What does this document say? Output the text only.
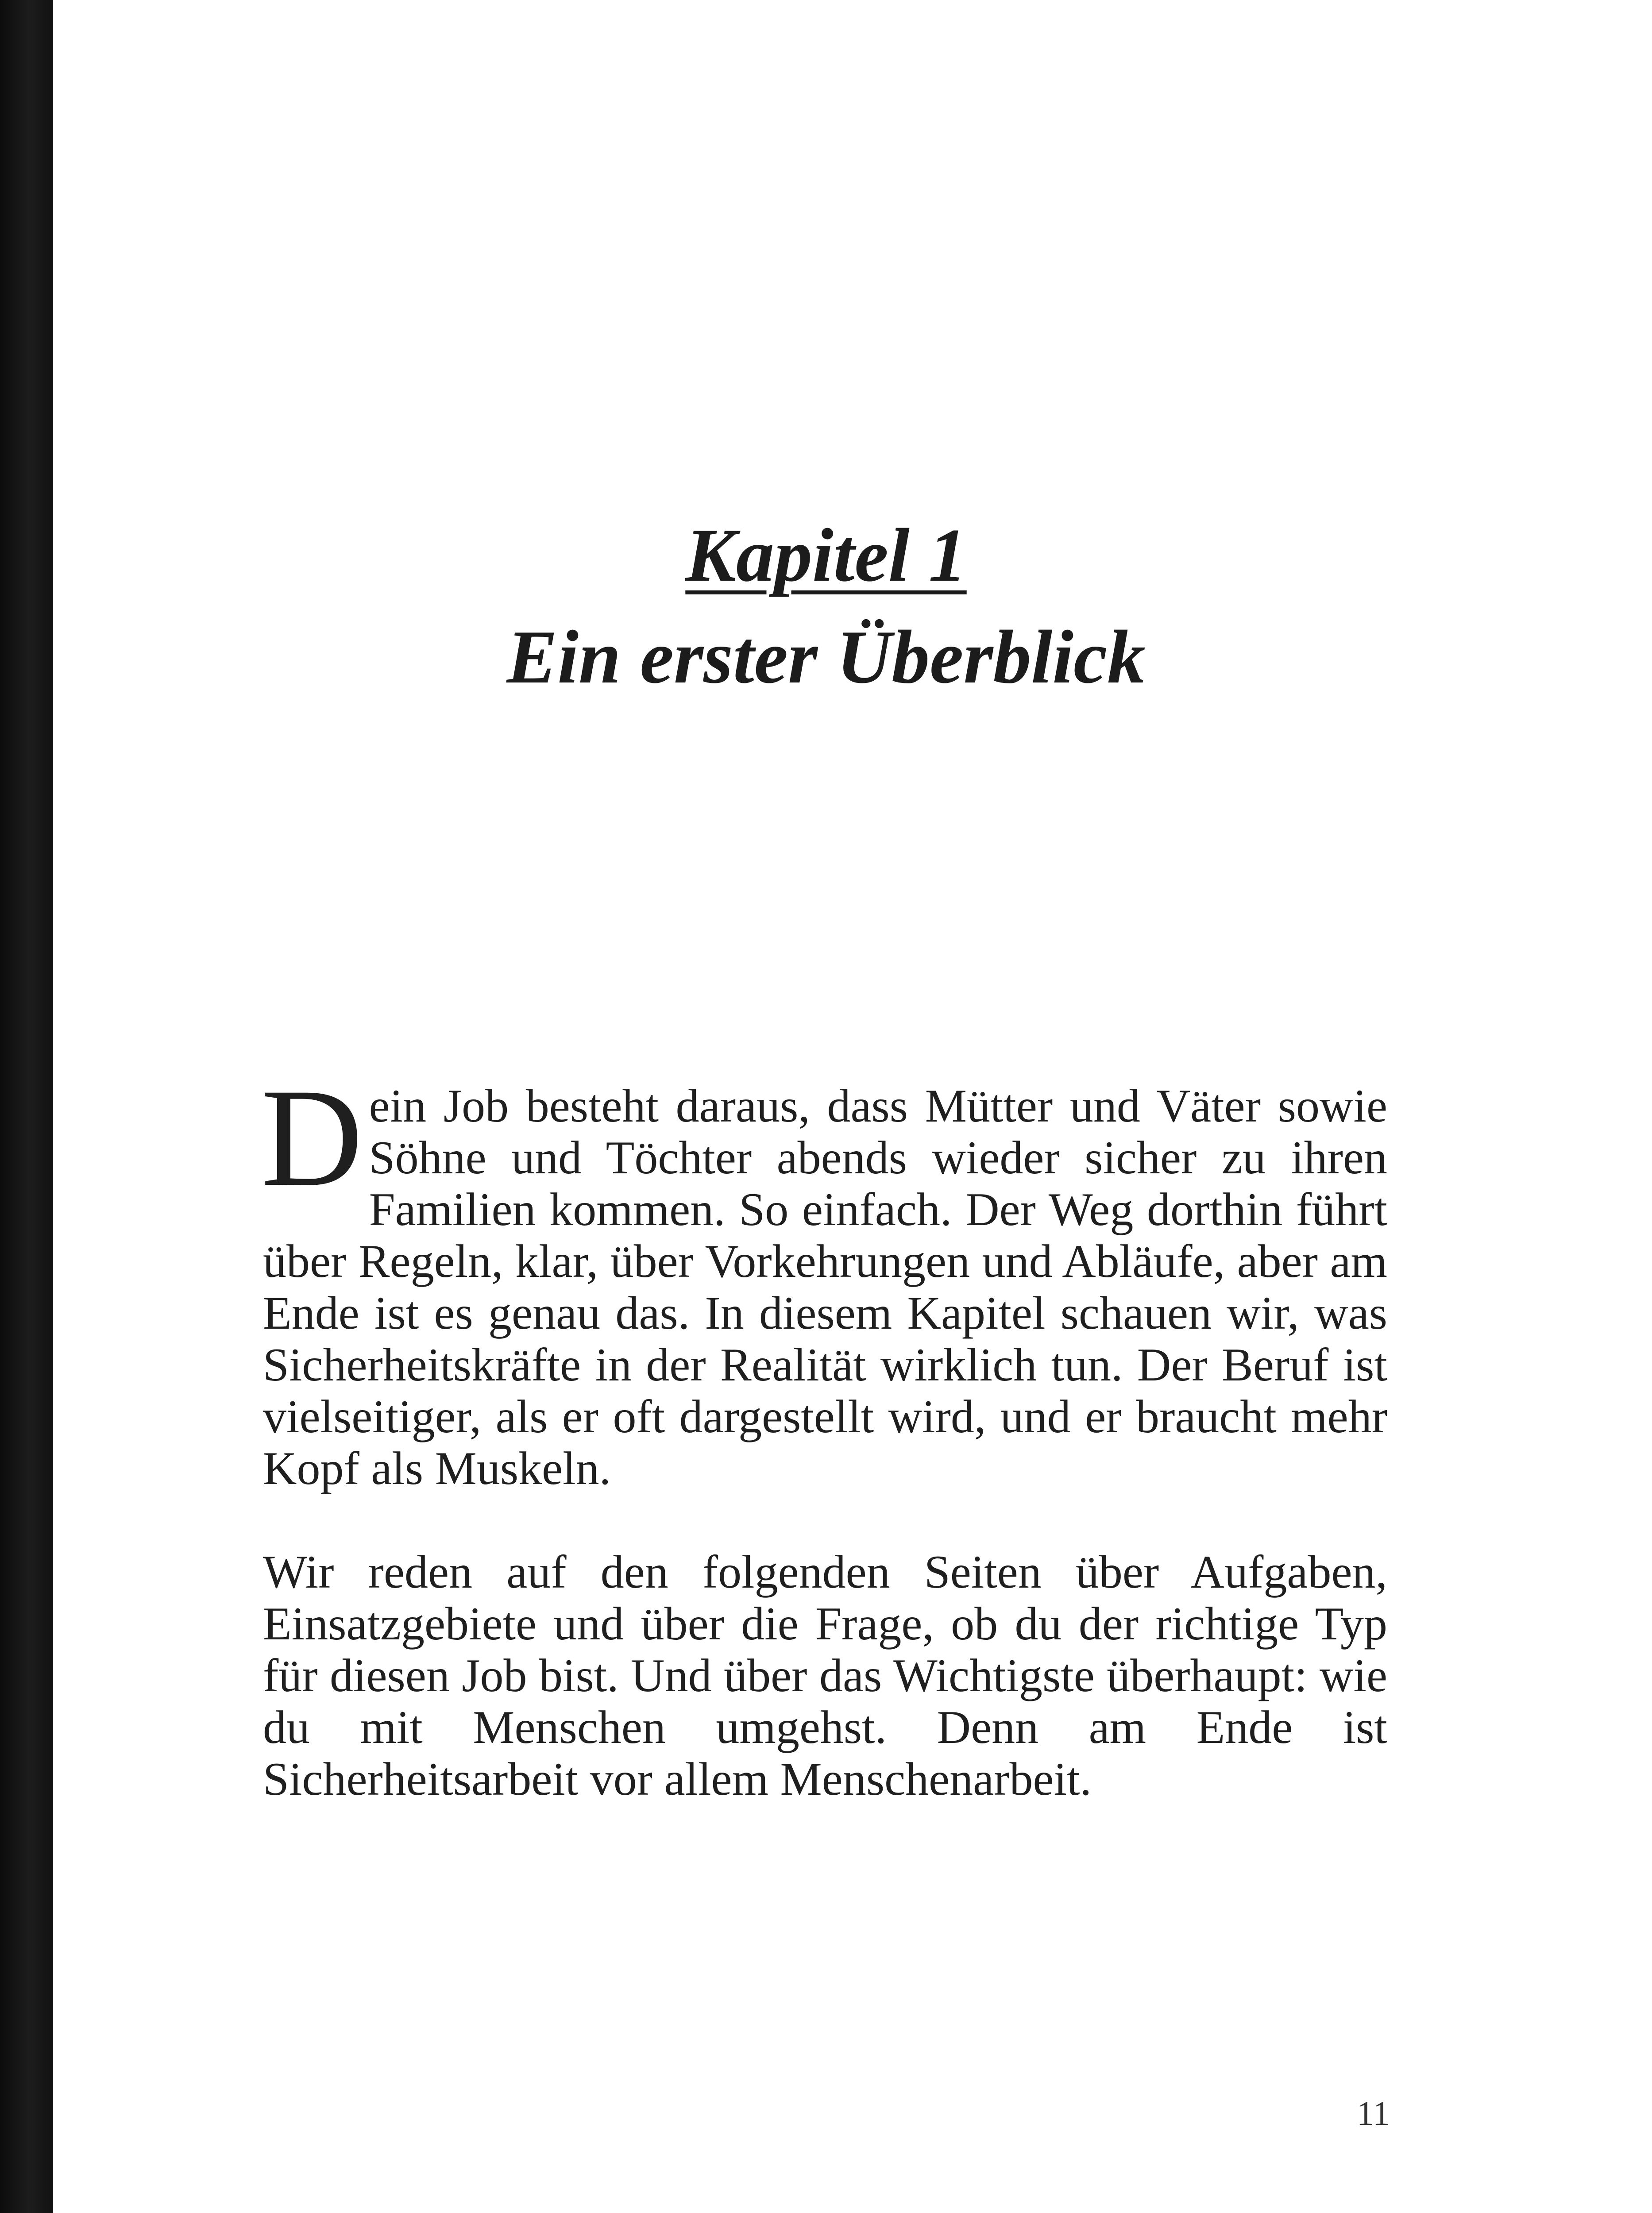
Kapitel 1
Ein erster Überblick

Dein Job besteht daraus, dass Mütter und Väter sowie Söhne und Töchter abends wieder sicher zu ihren Familien kommen. So einfach. Der Weg dorthin führt über Regeln, klar, über Vorkehrungen und Abläufe, aber am Ende ist es genau das. In diesem Kapitel schauen wir, was Sicherheitskräfte in der Realität wirklich tun. Der Beruf ist vielseitiger, als er oft dargestellt wird, und er braucht mehr Kopf als Muskeln.

Wir reden auf den folgenden Seiten über Aufgaben, Einsatzgebiete und über die Frage, ob du der richtige Typ für diesen Job bist. Und über das Wichtigste überhaupt: wie du mit Menschen umgehst. Denn am Ende ist Sicherheitsarbeit vor allem Menschenarbeit.

11
